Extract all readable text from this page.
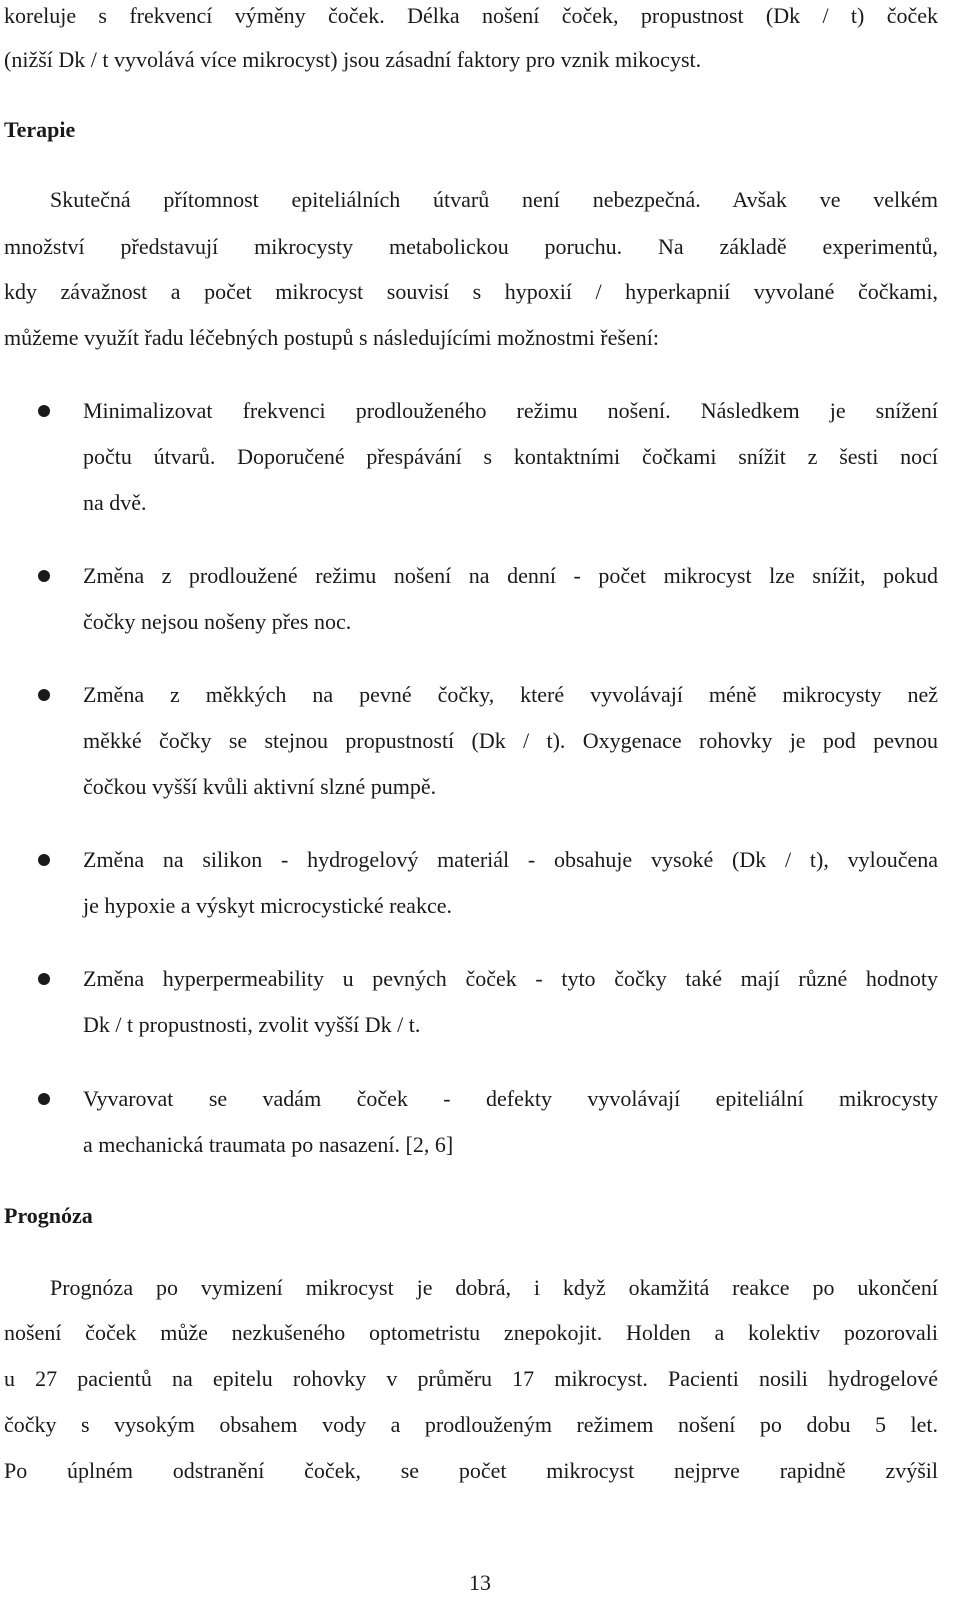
koreluje s frekvencí výměny čoček. Délka nošení čoček, propustnost (Dk / t) čoček

(nižší Dk / t vyvolává více mikrocyst) jsou zásadní faktory pro vznik mikocyst.

Terapie

Skutečná přítomnost epiteliálních útvarů není nebezpečná. Avšak ve velkém

množství představují mikrocysty metabolickou poruchu. Na základě experimentů,

kdy závažnost a počet mikrocyst souvisí s hypoxií / hyperkapnií vyvolané čočkami,

můžeme využít řadu léčebných postupů s následujícími možnostmi řešení:

Minimalizovat frekvenci prodlouženého režimu nošení. Následkem je snížení

počtu útvarů. Doporučené přespávání s kontaktními čočkami snížit z šesti nocí

na dvě.

Změna z prodloužené režimu nošení na denní - počet mikrocyst lze snížit, pokud

čočky nejsou nošeny přes noc.

Změna z měkkých na pevné čočky, které vyvolávají méně mikrocysty než

měkké čočky se stejnou propustností (Dk / t). Oxygenace rohovky je pod pevnou

čočkou vyšší kvůli aktivní slzné pumpě.

Změna na silikon - hydrogelový materiál - obsahuje vysoké (Dk / t), vyloučena

je hypoxie a výskyt microcystické reakce.

Změna hyperpermeability u pevných čoček - tyto čočky také mají různé hodnoty

Dk / t propustnosti, zvolit vyšší Dk / t.

Vyvarovat se vadám čoček - defekty vyvolávají epiteliální mikrocysty

a mechanická traumata po nasazení. [2, 6]

Prognóza

Prognóza po vymizení mikrocyst je dobrá, i když okamžitá reakce po ukončení

nošení čoček může nezkušeného optometristu znepokojit. Holden a kolektiv pozorovali

u 27 pacientů na epitelu rohovky v průměru 17 mikrocyst. Pacienti nosili hydrogelové

čočky s vysokým obsahem vody a prodlouženým režimem nošení po dobu 5 let.

Po úplném odstranění čoček, se počet mikrocyst nejprve rapidně zvýšil

13
